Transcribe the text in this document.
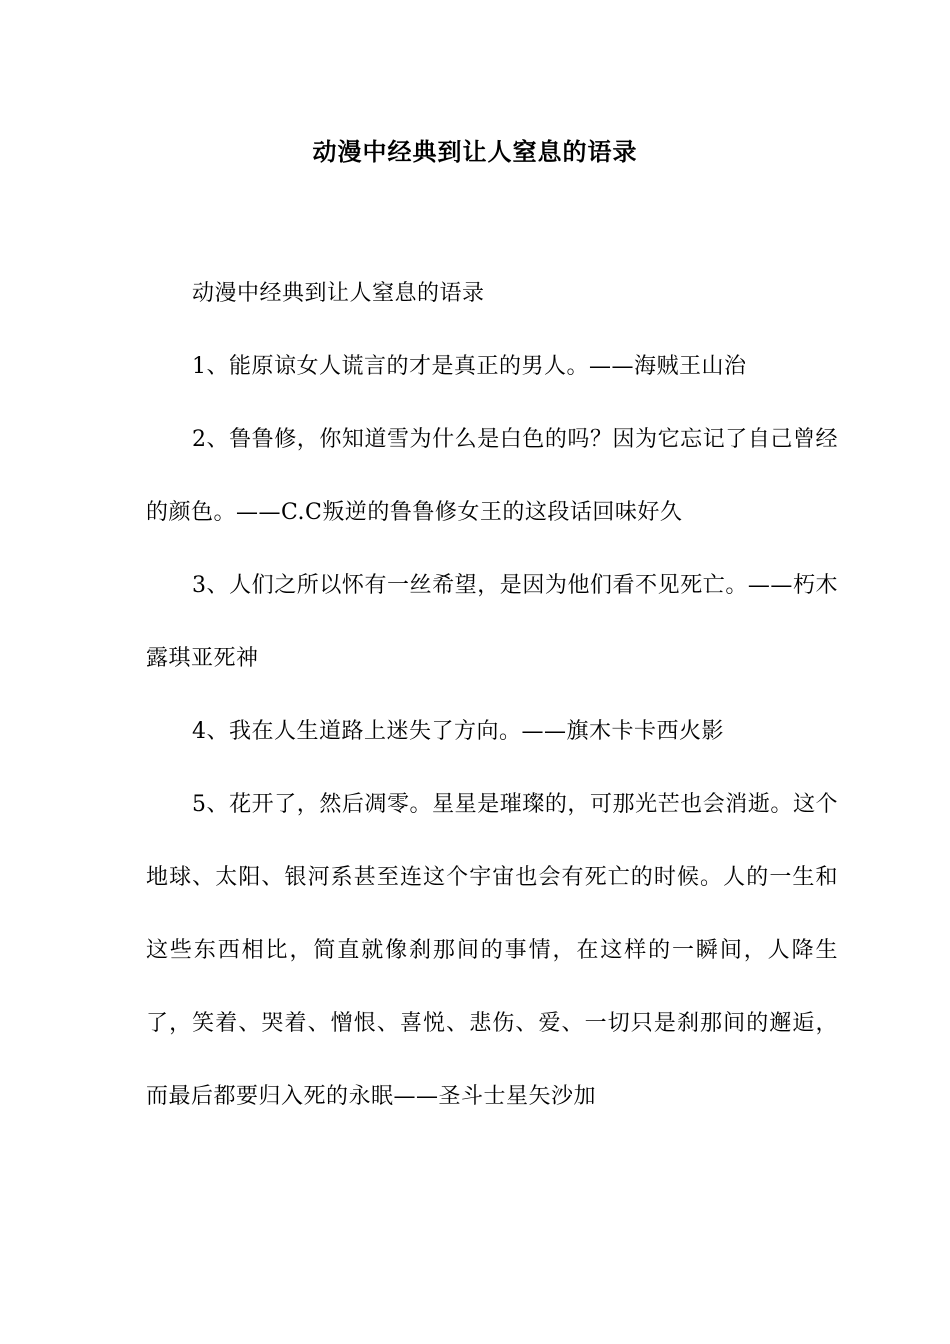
动漫中经典到让人窒息的语录

动漫中经典到让人窒息的语录

1、能原谅女人谎言的才是真正的男人。——海贼王山治

2、鲁鲁修，你知道雪为什么是白色的吗？因为它忘记了自己曾经的颜色。——C.C叛逆的鲁鲁修女王的这段话回味好久

3、人们之所以怀有一丝希望，是因为他们看不见死亡。——朽木露琪亚死神

4、我在人生道路上迷失了方向。——旗木卡卡西火影

5、花开了，然后凋零。星星是璀璨的，可那光芒也会消逝。这个地球、太阳、银河系甚至连这个宇宙也会有死亡的时候。人的一生和这些东西相比，简直就像刹那间的事情，在这样的一瞬间，人降生了，笑着、哭着、憎恨、喜悦、悲伤、爱、一切只是刹那间的邂逅，而最后都要归入死的永眠——圣斗士星矢沙加
